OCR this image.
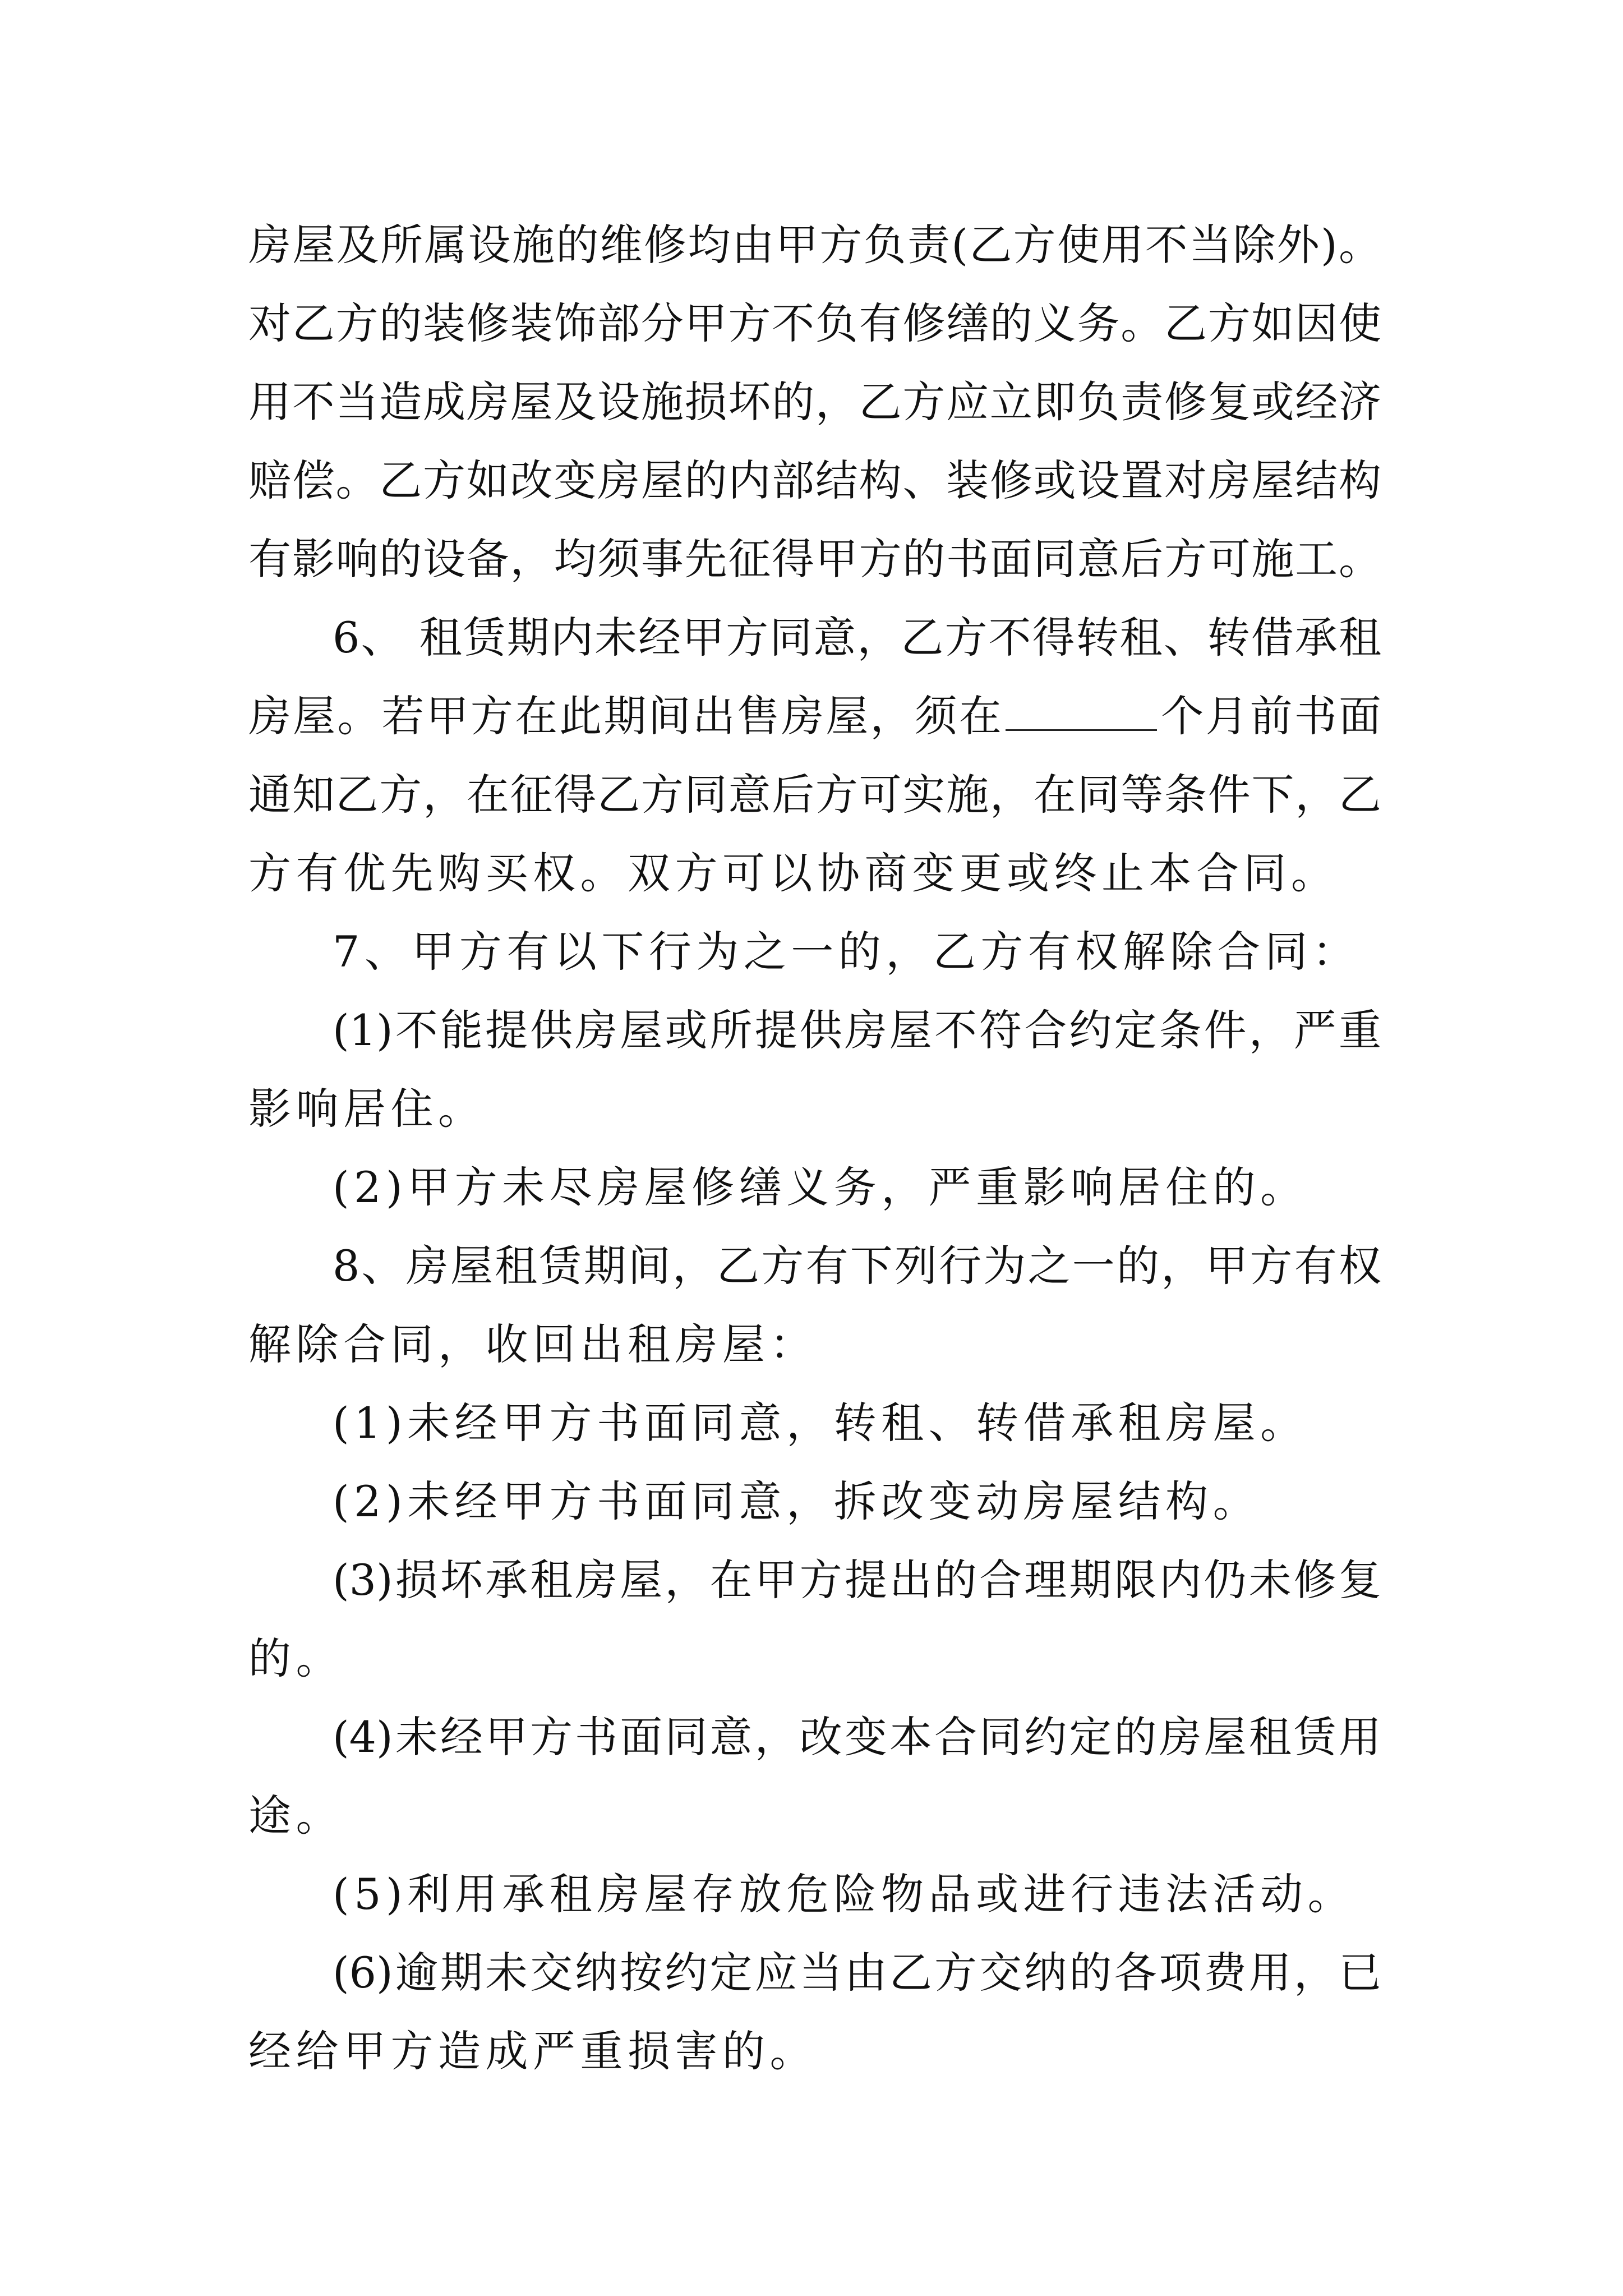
房屋及所属设施的维修均由甲方负责(乙方使用不当除外)。
对乙方的装修装饰部分甲方不负有修缮的义务。乙方如因使
用不当造成房屋及设施损坏的，乙方应立即负责修复或经济
赔偿。乙方如改变房屋的内部结构、装修或设置对房屋结构
有影响的设备，均须事先征得甲方的书面同意后方可施工。
6、 租赁期内未经甲方同意，乙方不得转租、转借承租
房屋。若甲方在此期间出售房屋，须在	个月前书面
通知乙方，在征得乙方同意后方可实施，在同等条件下，乙
方有优先购买权。双方可以协商变更或终止本合同。
7、甲方有以下行为之一的，乙方有权解除合同：
(1)不能提供房屋或所提供房屋不符合约定条件，严重
影响居住。
(2)甲方未尽房屋修缮义务，严重影响居住的。
8、房屋租赁期间，乙方有下列行为之一的，甲方有权
解除合同，收回出租房屋：
(1)未经甲方书面同意，转租、转借承租房屋。
(2)未经甲方书面同意，拆改变动房屋结构。
(3)损坏承租房屋，在甲方提出的合理期限内仍未修复
的。
(4)未经甲方书面同意，改变本合同约定的房屋租赁用
途。
(5)利用承租房屋存放危险物品或进行违法活动。
(6)逾期未交纳按约定应当由乙方交纳的各项费用，已
经给甲方造成严重损害的。
